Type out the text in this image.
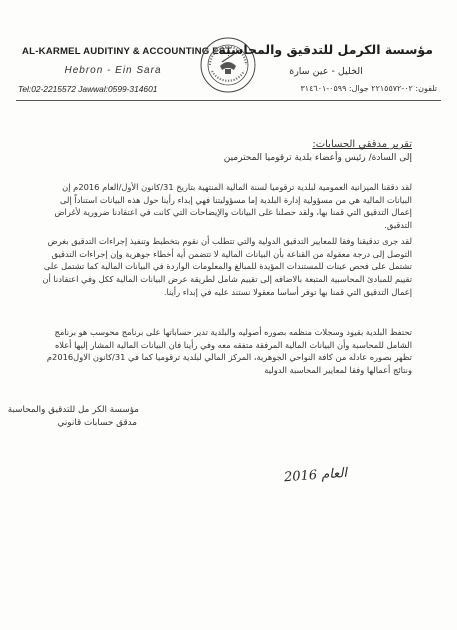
AL-KARMEL AUDITINY & ACCOUNTING EST
Hebron - Ein Sara
Tel:02-2215572 Jawwal:0599-314601
مؤسسة الكرمل للتدقيق والمحاسبة
الخليل - عين سارة
تلفون: ٠٢-٢٢١٥٥٧٢ جوال: ٠٥٩٩-٣١٤٦٠١
تقرير مدققي الحسابات:
إلى السادة/ رئيس وأعضاء بلدية ترقوميا المحترمين
لقد دققنا الميزانية العمومية لبلدية ترقوميا لسنة المالية المنتهية بتاريخ 31/كانون الأول/العام 2016م إن البيانات المالية هي من مسؤولية إدارة البلدية إما مسؤوليتنا فهي إبداء رأينا حول هذه البيانات استناداً إلى إعمال التدقيق التي قمنا بها، ولقد حصلنا على البيانات والإيضاحات التي كانت في اعتقادنا ضرورية لأغراض التدقيق.
لقد جرى تدقيقنا وفقا للمعايير التدقيق الدولية والتي تتطلب أن نقوم بتخطيط وتنفيذ إجراءات التدقيق بغرض التوصل إلى درجة معقولة من القناعة بأن البيانات المالية لا تتضمن أية أخطاء جوهرية وإن إجراءات التدقيق تشتمل على فحص عينات للمستندات المؤيدة للمبالغ والمعلومات الواردة في البيانات المالية كما تشتمل على تقييم للمبادئ المحاسبية المتبعة بالاضافه إلى تقييم شامل لطريقة عرض البيانات المالية ككل وفي اعتقادنا أن إعمال التدقيق التي قمنا بها توفر أساسا معقولا نستند عليه في إبداء رأينا.
تحتفظ البلدية بقيود وسجلات منظمه بصوره أصوليه والبلدية تدير حساباتها على برنامج محوسب هو برنامج الشامل للمحاسبة وأن البيانات المالية المرفقة متفقه معه وفي رأينا فان البيانات المالية المشار إليها أعلاه تظهر بصوره عادله من كافة النواحي الجوهرية، المركز المالي لبلدية ترقوميا كما في 31/كانون الاول2016م ونتائج أعمالها وفقا لمعايير المحاسبة الدولية
مؤسسة الكر مل للتدقيق والمحاسبة
مدقق حسابات قانوني
العام 2016
